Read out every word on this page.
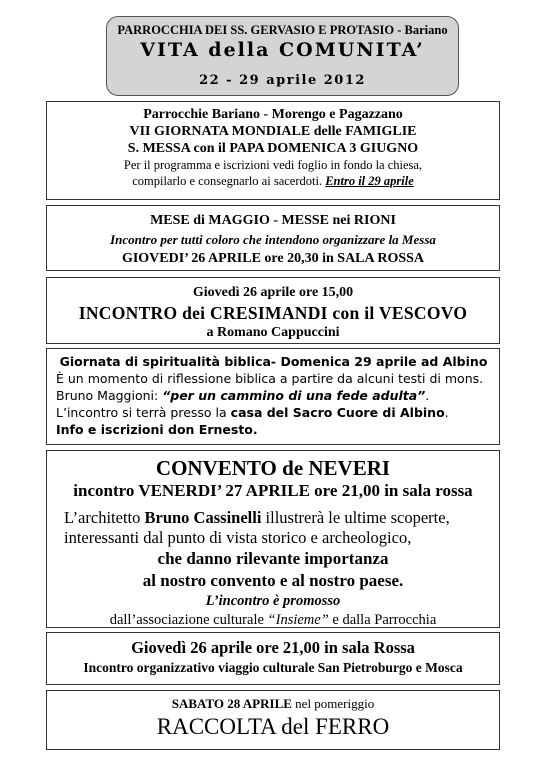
PARROCCHIA DEI SS. GERVASIO E PROTASIO - Bariano
VITA della COMUNITA’
22 - 29 aprile 2012
Parrocchie Bariano - Morengo e Pagazzano
VII GIORNATA MONDIALE delle FAMIGLIE
S. MESSA con il PAPA DOMENICA 3 GIUGNO
Per il programma e iscrizioni vedi foglio in fondo la chiesa,
compilarlo e consegnarlo ai sacerdoti. Entro il 29 aprile
MESE di MAGGIO - MESSE nei RIONI
Incontro per tutti coloro che intendono organizzare la Messa
GIOVEDI’ 26 APRILE ore 20,30 in SALA ROSSA
Giovedì 26 aprile ore 15,00
INCONTRO dei CRESIMANDI con il VESCOVO
a Romano Cappuccini
Giornata di spiritualità biblica- Domenica 29 aprile ad Albino
È un momento di riflessione biblica a partire da alcuni testi di mons.
Bruno Maggioni: “per un cammino di una fede adulta”.
L’incontro si terrà presso la casa del Sacro Cuore di Albino.
Info e iscrizioni don Ernesto.
CONVENTO de NEVERI
incontro VENERDI’ 27 APRILE ore 21,00 in sala rossa
L’architetto Bruno Cassinelli illustrerà le ultime scoperte,
interessanti dal punto di vista storico e archeologico,
che danno rilevante importanza
al nostro convento e al nostro paese.
L’incontro è promosso
dall’associazione culturale “Insieme” e dalla Parrocchia
Giovedì 26 aprile ore 21,00 in sala Rossa
Incontro organizzativo viaggio culturale San Pietroburgo e Mosca
SABATO 28 APRILE nel pomeriggio
RACCOLTA del FERRO
